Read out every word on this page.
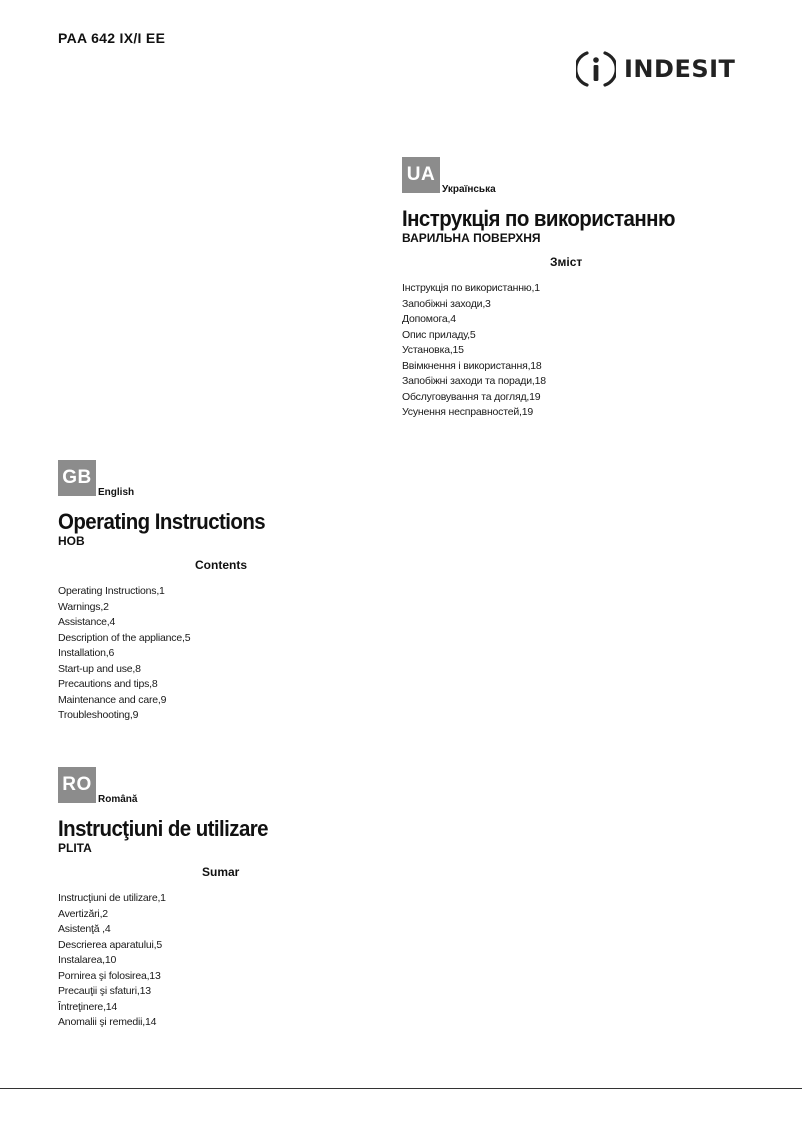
PAA 642 IX/I EE
INDESIT
UA
Українська
Інструкція по використанню
ВАРИЛЬНА ПОВЕРХНЯ
Зміст
Інструкція по використанню,1
Запобіжні заходи,3
Допомога,4
Опис приладу,5
Установка,15
Ввімкнення і використання,18
Запобіжні заходи та поради,18
Обслуговування та догляд,19
Усунення несправностей,19
GB
English
Operating Instructions
HOB
Contents
Operating Instructions,1
Warnings,2
Assistance,4
Description of the appliance,5
Installation,6
Start-up and use,8
Precautions and tips,8
Maintenance and care,9
Troubleshooting,9
RO
Română
Instrucţiuni de utilizare
PLITA
Sumar
Instrucţiuni de utilizare,1
Avertizări,2
Asistenţă ,4
Descrierea aparatului,5
Instalarea,10
Pornirea şi folosirea,13
Precauţii şi sfaturi,13
Întreţinere,14
Anomalii şi remedii,14
